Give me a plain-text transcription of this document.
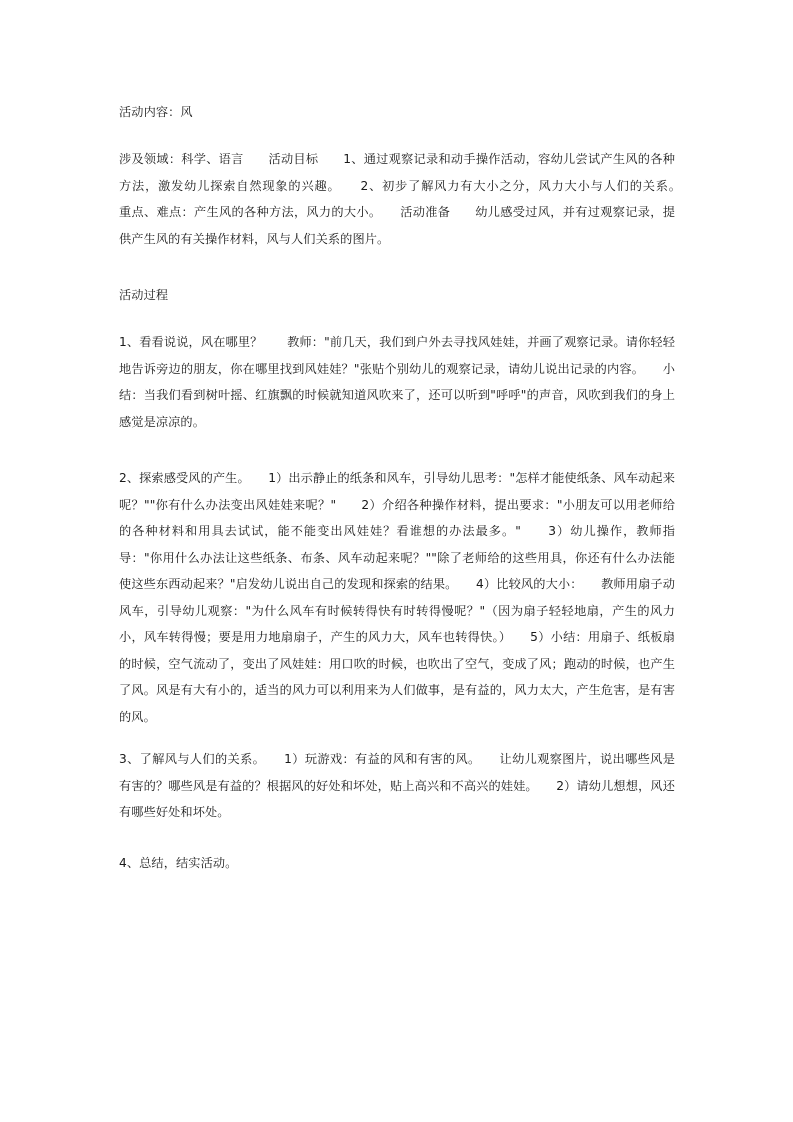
活动内容：风

涉及领域：科学、语言　　活动目标　　1、通过观察记录和动手操作活动，容幼儿尝试产生风的各种方法，激发幼儿探索自然现象的兴趣。　　2、初步了解风力有大小之分，风力大小与人们的关系。　　重点、难点：产生风的各种方法，风力的大小。　　活动准备　　幼儿感受过风，并有过观察记录，提供产生风的有关操作材料，风与人们关系的图片。

活动过程

1、看看说说，风在哪里？　　教师："前几天，我们到户外去寻找风娃娃，并画了观察记录。请你轻轻地告诉旁边的朋友，你在哪里找到风娃娃？"张贴个别幼儿的观察记录，请幼儿说出记录的内容。　　小结：当我们看到树叶摇、红旗飘的时候就知道风吹来了，还可以听到"呼呼"的声音，风吹到我们的身上感觉是凉凉的。

2、探索感受风的产生。　　1）出示静止的纸条和风车，引导幼儿思考："怎样才能使纸条、风车动起来呢？""你有什么办法变出风娃娃来呢？"　　2）介绍各种操作材料，提出要求："小朋友可以用老师给的各种材料和用具去试试，能不能变出风娃娃？看谁想的办法最多。"　　3）幼儿操作，教师指导："你用什么办法让这些纸条、布条、风车动起来呢？""除了老师给的这些用具，你还有什么办法能使这些东西动起来？"启发幼儿说出自己的发现和探索的结果。　　4）比较风的大小：　　教师用扇子动风车，引导幼儿观察："为什么风车有时候转得快有时转得慢呢？"（因为扇子轻轻地扇，产生的风力小，风车转得慢；要是用力地扇扇子，产生的风力大，风车也转得快。）　　5）小结：用扇子、纸板扇的时候，空气流动了，变出了风娃娃：用口吹的时候，也吹出了空气，变成了风；跑动的时候，也产生了风。风是有大有小的，适当的风力可以利用来为人们做事，是有益的，风力太大，产生危害，是有害的风。

3、了解风与人们的关系。　　1）玩游戏：有益的风和有害的风。　　让幼儿观察图片，说出哪些风是有害的？哪些风是有益的？根据风的好处和坏处，贴上高兴和不高兴的娃娃。　　2）请幼儿想想，风还有哪些好处和坏处。

4、总结，结实活动。
